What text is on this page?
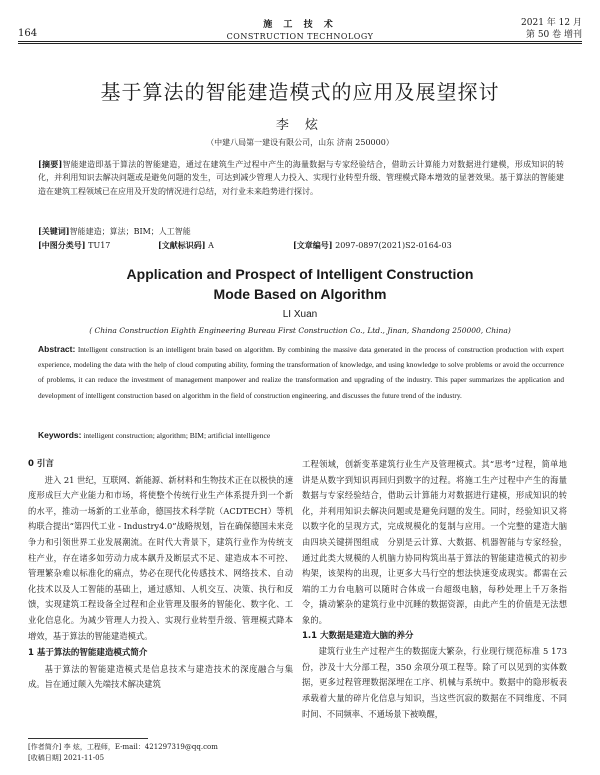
164
施 工 技 术
CONSTRUCTION TECHNOLOGY
2021 年 12 月
第 50 卷 增刊
基于算法的智能建造模式的应用及展望探讨
李 炫
（中建八局第一建设有限公司，山东 济南 250000）
[摘要]智能建造即基于算法的智能建造，通过在建筑生产过程中产生的海量数据与专家经验结合，借助云计算能力对数据进行建模，形成知识的转化，并利用知识去解决问题或是避免问题的发生，可达到减少管理人力投入、实现行业转型升级、管理模式降本增效的显著效果。基于算法的智能建造在建筑工程领域已在应用及开发的情况进行总结，对行业未来趋势进行探讨。
[关键词]智能建造；算法；BIM；人工智能
[中图分类号] TU17	[文献标识码] A	[文章编号] 2097-0897(2021)S2-0164-03
Application and Prospect of Intelligent Construction
Mode Based on Algorithm
LI Xuan
( China Construction Eighth Engineering Bureau First Construction Co., Ltd., Jinan, Shandong 250000, China)
Abstract: Intelligent construction is an intelligent brain based on algorithm. By combining the massive data generated in the process of construction production with expert experience, modeling the data with the help of cloud computing ability, forming the transformation of knowledge, and using knowledge to solve problems or avoid the occurrence of problems, it can reduce the investment of management manpower and realize the transformation and upgrading of the industry. This paper summarizes the application and development of intelligent construction based on algorithm in the field of construction engineering, and discusses the future trend of the industry.
Keywords: intelligent construction; algorithm; BIM; artificial intelligence
0 引言

进入 21 世纪，互联网、新能源、新材料和生物技术正在以极快的速度形成巨大产业能力和市场，将使整个传统行业生产体系提升到一个新的水平，推动一场新的工业革命，德国技术科学院（ACDTECH）等机构联合提出“第四代工业 - Industry4.0”战略规划，旨在确保德国未来竞争力和引领世界工业发展潮流。在时代大背景下，建筑行业作为传统支柱产业，存在诸多如劳动力成本飙升及断层式不足、建造成本不可控、管理繁杂难以标准化的痛点，势必在现代化传感技术、网络技术、自动化技术以及人工智能的基础上，通过感知、人机交互、决策、执行和反馈，实现建筑工程设备全过程和企业管理及服务的智能化、数字化、工业化信息化。为减少管理人力投入、实现行业转型升级、管理模式降本增效，基于算法的智能建造模式。

1 基于算法的智能建造模式简介

基于算法的智能建造模式是信息技术与建造技术的深度融合与集成。旨在通过颠入先端技术解决建筑

工程领域，创新变革建筑行业生产及管理模式。其“思考”过程，简单地讲是从数字到知识再回归到数字的过程。将施工生产过程中产生的海量数据与专家经验结合，借助云计算能力对数据进行建模，形成知识的转化，并利用知识去解决问题或是避免问题的发生。同时，经验知识又将以数字化的呈现方式，完成规模化的复制与应用。一个完整的建造大脑由四块关键拼图组成　分别是云计算、大数据、机器智能与专家经验，通过此类大规模的人机脑力协同构筑出基于算法的智能建造模式的初步构架，该架构的出现，让更多大马行空的想法快速变成现实。都需在云端的工力台电脑可以随时合体成一台超级电脑，每秒处理上千万条指令，撬动繁杂的建筑行业中沉睡的数据资源，由此产生的价值是无法想象的。

1.1 大数据是建造大脑的养分

建筑行业生产过程产生的数据庞大繁杂，行业现行规范标准 5 173 份，涉及十大分部工程，350 余项分项工程等。除了可以见到的实体数据，更多过程管理数据深埋在工序、机械与系统中。数据中的隐形板表承载着大量的碎片化信息与知识，当这些沉寂的数据在不同维度、不同时间、不同频率、不通场景下被唤醒，

[作者简介] 李 炫，工程师，E-mail：421297319@qq.com
[收稿日期] 2021-11-05
